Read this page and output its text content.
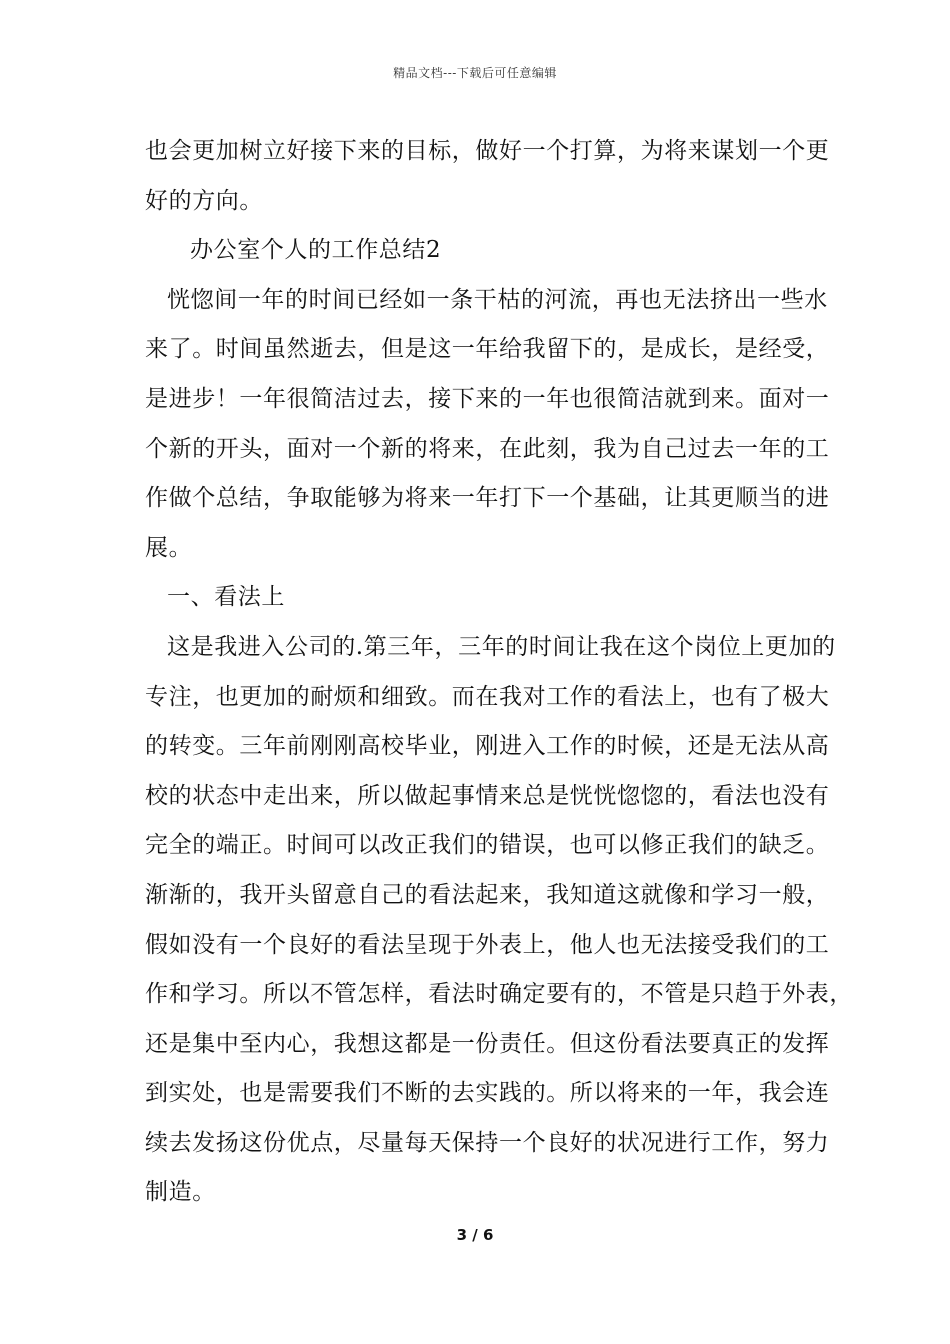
精品文档---下载后可任意编辑
也会更加树立好接下来的目标，做好一个打算，为将来谋划一个更
好的方向。
办公室个人的工作总结2
恍惚间一年的时间已经如一条干枯的河流，再也无法挤出一些水
来了。时间虽然逝去，但是这一年给我留下的，是成长，是经受，
是进步！一年很简洁过去，接下来的一年也很简洁就到来。面对一
个新的开头，面对一个新的将来，在此刻，我为自己过去一年的工
作做个总结，争取能够为将来一年打下一个基础，让其更顺当的进
展。
一、看法上
这是我进入公司的.第三年，三年的时间让我在这个岗位上更加的
专注，也更加的耐烦和细致。而在我对工作的看法上，也有了极大
的转变。三年前刚刚高校毕业，刚进入工作的时候，还是无法从高
校的状态中走出来，所以做起事情来总是恍恍惚惚的，看法也没有
完全的端正。时间可以改正我们的错误，也可以修正我们的缺乏。
渐渐的，我开头留意自己的看法起来，我知道这就像和学习一般，
假如没有一个良好的看法呈现于外表上，他人也无法接受我们的工
作和学习。所以不管怎样，看法时确定要有的，不管是只趋于外表，
还是集中至内心，我想这都是一份责任。但这份看法要真正的发挥
到实处，也是需要我们不断的去实践的。所以将来的一年，我会连
续去发扬这份优点，尽量每天保持一个良好的状况进行工作，努力
制造。
3 / 6
